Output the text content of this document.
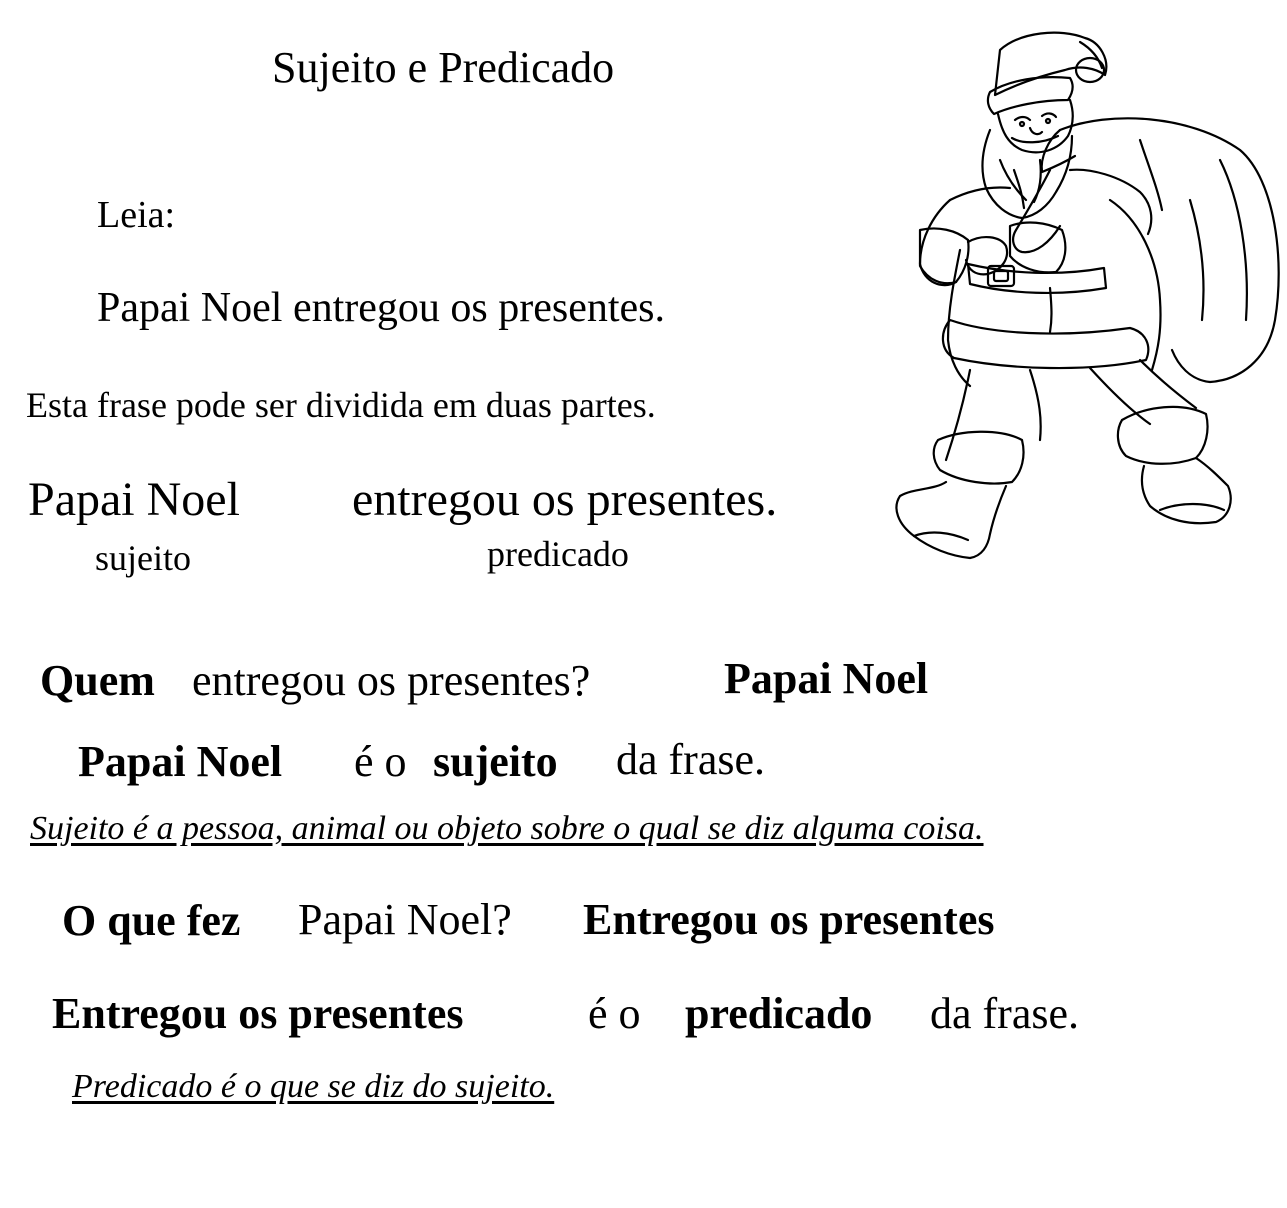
Sujeito e Predicado
Leia:
Papai Noel entregou os presentes.
Esta frase pode ser dividida em duas partes.
Papai Noel entregou os presentes.
sujeito	predicado
Quem entregou os presentes?	Papai Noel
Papai Noel é o sujeito da frase.
Sujeito é a pessoa, animal ou objeto sobre o qual se diz alguma coisa.
O que fez Papai Noel? Entregou os presentes
Entregou os presentes	é o predicado da frase.
Predicado é o que se diz do sujeito.
